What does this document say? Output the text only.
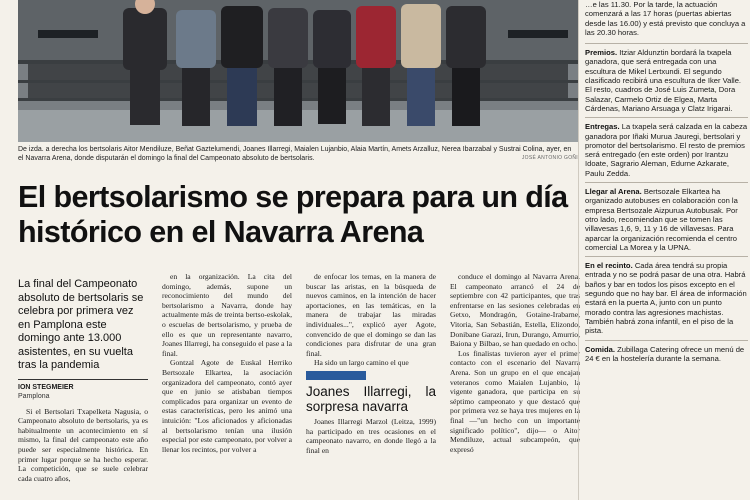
De izda. a derecha los bertsolaris Aitor Mendiluze, Beñat Gaztelumendi, Joanes Illarregi, Maialen Lujanbio, Alaia Martín, Amets Arzalluz, Nerea Ibarzabal y Sustrai Colina, ayer, en el Navarra Arena, donde disputarán el domingo la final del Campeonato absoluto de bertsolaris.	JOSÉ ANTONIO GOÑI
El bertsolarismo se prepara para un día histórico en el Navarra Arena

La final del Campeonato absoluto de bertsolaris se celebra por primera vez en Pamplona este domingo ante 13.000 asistentes, en su vuelta tras la pandemia

ION STEGMEIER
Pamplona

Si el Bertsolari Txapelketa Nagusia, o Campeonato absoluto de bertsolaris, ya es habitualmente un acontecimiento en sí mismo, la final del campeonato este año puede ser especialmente histórica. En primer lugar porque se ha hecho esperar. La competición, que se suele celebrar cada cuatro años,

en la organización. La cita del domingo, además, supone un reconocimiento del mundo del bertsolarismo a Navarra, donde hay actualmente más de treinta bertso-eskolak, o escuelas de bertsolarismo, y prueba de ello es que un representante navarro, Joanes Illarregi, ha conseguido el pase a la final.

Gontzal Agote de Euskal Herriko Bertsozale Elkartea, la asociación organizadora del campeonato, contó ayer que en junio se atisbaban tiempos complicados para organizar un evento de estas características, pero les animó una intuición: "Los aficionados y aficionadas al bertsolarismo tenían una ilusión especial por este campeonato, por volver a llenar los recintos, por volver a

de enfocar los temas, en la manera de buscar las aristas, en la búsqueda de nuevos caminos, en la intención de hacer aportaciones, en las temáticas, en la manera de trabajar las miradas individuales...", explicó ayer Agote, convencido de que el domingo se dan las condiciones para disfrutar de una gran final.

Ha sido un largo camino el que

Joanes Illarregi, la sorpresa navarra

Joanes Illarregi Marzol (Leitza, 1999) ha participado en tres ocasiones en el campeonato navarro, en donde llegó a la final en

conduce el domingo al Navarra Arena. El campeonato arrancó el 24 de septiembre con 42 participantes, que tras enfrentarse en las sesiones celebradas en Getxo, Mondragón, Gotaine-Irabarne, Vitoria, San Sebastián, Estella, Elizondo, Donibane Garazi, Irun, Durango, Amurrio, Baiona y Bilbao, se han quedado en ocho.

Los finalistas tuvieron ayer el primer contacto con el escenario del Navarra Arena. Son un grupo en el que encajan veteranos como Maialen Lujanbio, la vigente ganadora, que participa en su séptimo campeonato y que destacó que por primera vez se haya tres mujeres en la final —"un hecho con un importante significado político", dijo— o Aitor Mendiluze, actual subcampeón, que expresó

…e las 11.30. Por la tarde, la actuación comenzará a las 17 horas (puertas abiertas desde las 16.00) y está previsto que concluya a las 20.30 horas.

Premios. Itziar Aldunztin bordará la txapela ganadora, que será entregada con una escultura de Mikel Lertxundi. El segundo clasificado recibirá una escultura de Iker Valle. El resto, cuadros de José Luis Zumeta, Dora Salazar, Carmelo Ortiz de Elgea, Marta Cárdenas, Mariano Arsuaga y Clatz Irigarai.

Entregas. La txapela será calzada en la cabeza ganadora por Iñaki Murua Jauregi, bertsolari y promotor del bertsolarismo. El resto de premios será entregado (en este orden) por Irantzu Idoate, Sagrario Aleman, Edurne Azkarate, Paulu Zedda.

Llegar al Arena. Bertsozale Elkartea ha organizado autobuses en colaboración con la empresa Bertsozale Aizpurua Autobusak. Por otro lado, recomiendan que se tomen las villavesas 1,6, 9, 11 y 16 de villavesas. Para aparcar la organización recomienda el centro comercial La Morea y la UPNA.

En el recinto. Cada área tendrá su propia entrada y no se podrá pasar de una otra. Habrá baños y bar en todos los pisos excepto en el segundo que no hay bar. El área de información estará en la puerta A, junto con un punto morado contra las agresiones machistas. También habrá zona infantil, en el piso de la pista.

Comida. Zubillaga Catering ofrece un menú de 24 € en la hostelería durante la semana.
